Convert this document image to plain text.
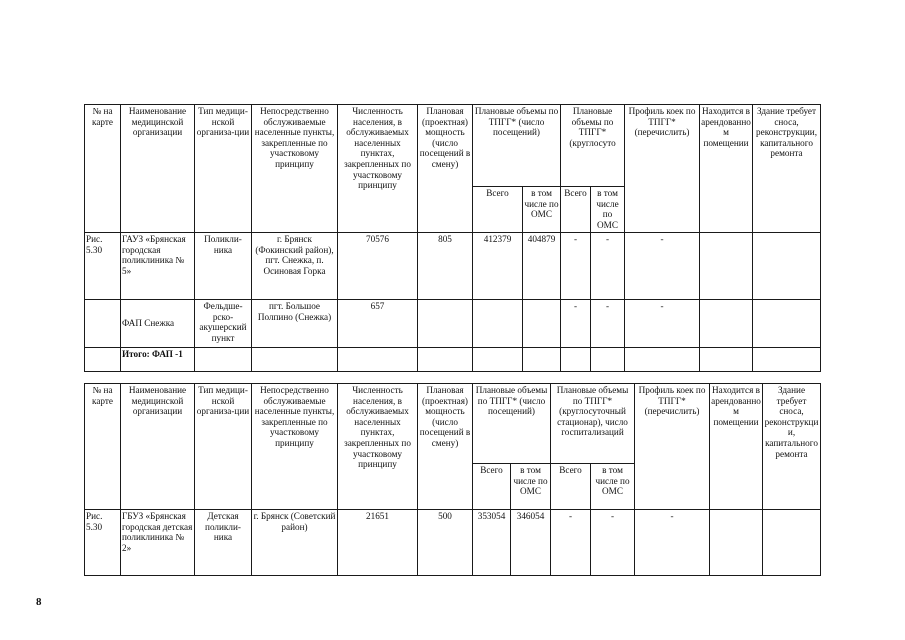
№ на карте	Наименование медицинской организации	Тип медици-нской организа-ции	Непосредственно обслуживаемые населенные пункты, закрепленные по участковому принципу	Численность населения, в обслуживаемых населенных пунктах, закрепленных по участковому принципу	Плановая (проектная) мощность (число посещений в смену)	Плановые объемы по ТПГГ* (число посещений)		Плановые объемы по ТПГГ* (круглосуто		Профиль коек по ТПГГ* (перечислить)	Находится в арендованном помещении	Здание требует сноса, реконструкции, капитального ремонта
						Всего	в том числе по ОМС	Всего	в том числе по ОМС			
Рис. 5.30	ГАУЗ «Брянская городская поликлиника № 5»	Поликли-ника	г. Брянск (Фокинский район), пгт. Снежка, п. Осиновая Горка	70576	805	412379	404879	-	-	-		
	ФАП Снежка	Фельдше-рско-акушерский пункт	пгт. Большое Полпино (Снежка)	657				-	-	-		
	Итого: ФАП -1											
№ на карте	Наименование медицинской организации	Тип медици-нской организа-ции	Непосредственно обслуживаемые населенные пункты, закрепленные по участковому принципу	Численность населения, в обслуживаемых населенных пунктах, закрепленных по участковому принципу	Плановая (проектная) мощность (число посещений в смену)	Плановые объемы по ТПГГ* (число посещений)		Плановые объемы по ТПГГ* (круглосуточный стационар), число госпитализаций		Профиль коек по ТПГГ* (перечислить)	Находится в арендованном помещении	Здание требует сноса, реконструкции, капитального ремонта
						Всего	в том числе по ОМС	Всего	в том числе по ОМС			
Рис. 5.30	ГБУЗ «Брянская городская детская поликлиника № 2»	Детская поликли-ника	г. Брянск (Советский район)	21651	500	353054	346054	-	-	-		
8
